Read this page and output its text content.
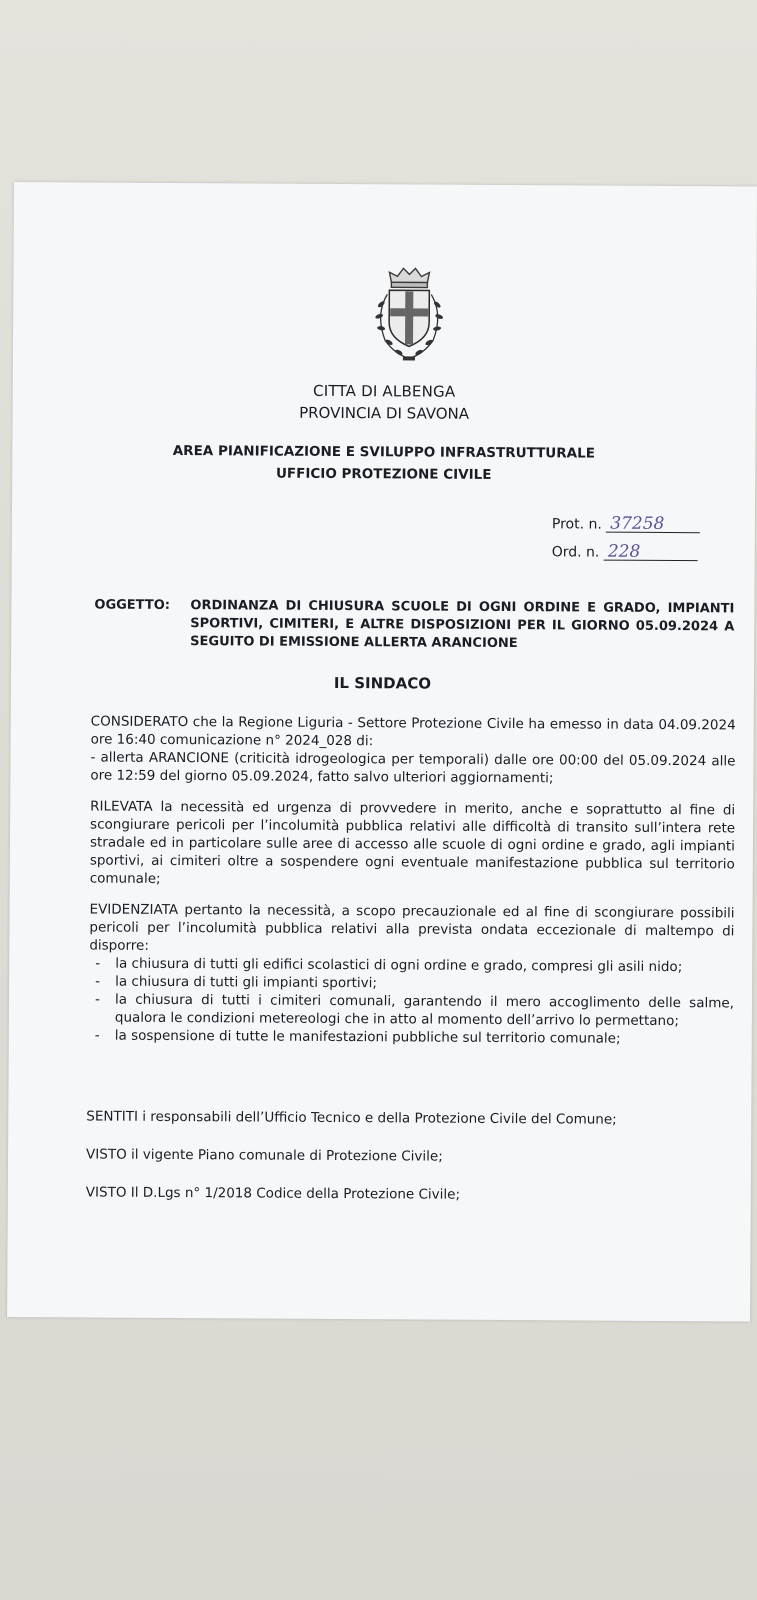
CITTA DI ALBENGA
PROVINCIA DI SAVONA
AREA PIANIFICAZIONE E SVILUPPO INFRASTRUTTURALE
UFFICIO PROTEZIONE CIVILE
Prot. n. 37258
Ord. n. 228
OGGETTO: ORDINANZA DI CHIUSURA SCUOLE DI OGNI ORDINE E GRADO, IMPIANTI SPORTIVI, CIMITERI, E ALTRE DISPOSIZIONI PER IL GIORNO 05.09.2024 A SEGUITO DI EMISSIONE ALLERTA ARANCIONE
IL SINDACO

CONSIDERATO che la Regione Liguria - Settore Protezione Civile ha emesso in data 04.09.2024 ore 16:40 comunicazione n° 2024_028 di:

- allerta ARANCIONE (criticità idrogeologica per temporali) dalle ore 00:00 del 05.09.2024 alle ore 12:59 del giorno 05.09.2024, fatto salvo ulteriori aggiornamenti;

RILEVATA la necessità ed urgenza di provvedere in merito, anche e soprattutto al fine di scongiurare pericoli per l’incolumità pubblica relativi alle difficoltà di transito sull’intera rete stradale ed in particolare sulle aree di accesso alle scuole di ogni ordine e grado, agli impianti sportivi, ai cimiteri oltre a sospendere ogni eventuale manifestazione pubblica sul territorio comunale;

EVIDENZIATA pertanto la necessità, a scopo precauzionale ed al fine di scongiurare possibili pericoli per l’incolumità pubblica relativi alla prevista ondata eccezionale di maltempo di disporre:

- la chiusura di tutti gli edifici scolastici di ogni ordine e grado, compresi gli asili nido;
- la chiusura di tutti gli impianti sportivi;
- la chiusura di tutti i cimiteri comunali, garantendo il mero accoglimento delle salme, qualora le condizioni metereologi che in atto al momento dell’arrivo lo permettano;
- la sospensione di tutte le manifestazioni pubbliche sul territorio comunale;
SENTITI i responsabili dell’Ufficio Tecnico e della Protezione Civile del Comune;
VISTO il vigente Piano comunale di Protezione Civile;
VISTO Il D.Lgs n° 1/2018 Codice della Protezione Civile;
